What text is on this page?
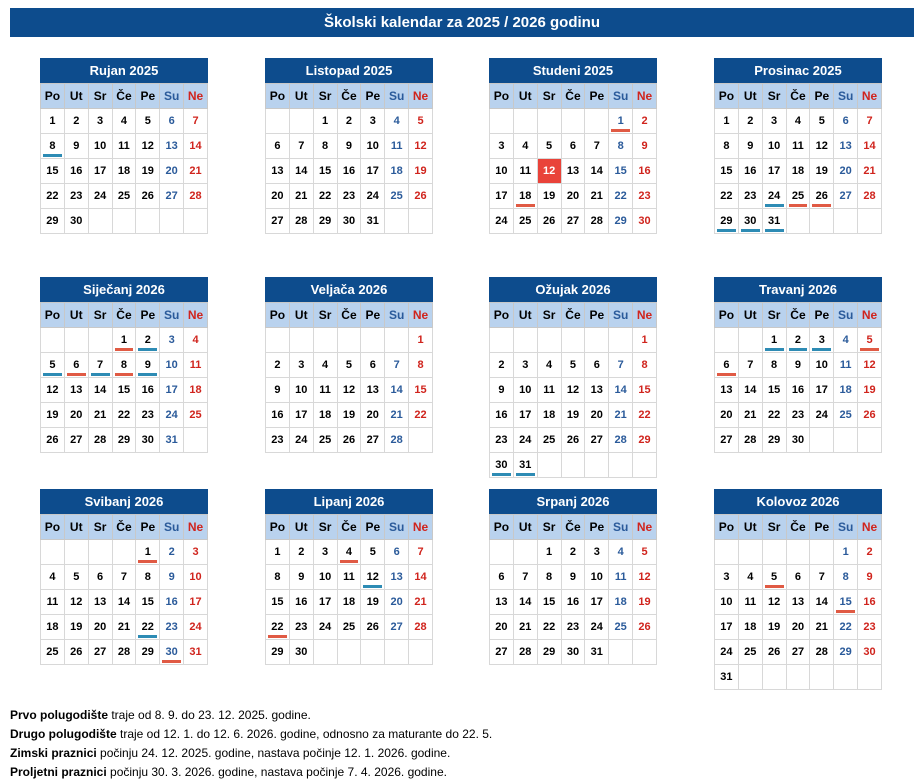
Školski kalendar za 2025 / 2026 godinu
Rujan 2025
Po	Ut	Sr	Če	Pe	Su	Ne
1	2	3	4	5	6	7
8	9	10	11	12	13	14
15	16	17	18	19	20	21
22	23	24	25	26	27	28
29	30					
Listopad 2025
Po	Ut	Sr	Če	Pe	Su	Ne
		1	2	3	4	5
6	7	8	9	10	11	12
13	14	15	16	17	18	19
20	21	22	23	24	25	26
27	28	29	30	31		
Studeni 2025
Po	Ut	Sr	Če	Pe	Su	Ne
					1	2
3	4	5	6	7	8	9
10	11	12	13	14	15	16
17	18	19	20	21	22	23
24	25	26	27	28	29	30
Prosinac 2025
Po	Ut	Sr	Če	Pe	Su	Ne
1	2	3	4	5	6	7
8	9	10	11	12	13	14
15	16	17	18	19	20	21
22	23	24	25	26	27	28
29	30	31				
Siječanj 2026
Po	Ut	Sr	Če	Pe	Su	Ne
			1	2	3	4
5	6	7	8	9	10	11
12	13	14	15	16	17	18
19	20	21	22	23	24	25
26	27	28	29	30	31	
Veljača 2026
Po	Ut	Sr	Če	Pe	Su	Ne
						1
2	3	4	5	6	7	8
9	10	11	12	13	14	15
16	17	18	19	20	21	22
23	24	25	26	27	28	
Ožujak 2026
Po	Ut	Sr	Če	Pe	Su	Ne
						1
2	3	4	5	6	7	8
9	10	11	12	13	14	15
16	17	18	19	20	21	22
23	24	25	26	27	28	29
30	31					
Travanj 2026
Po	Ut	Sr	Če	Pe	Su	Ne
		1	2	3	4	5
6	7	8	9	10	11	12
13	14	15	16	17	18	19
20	21	22	23	24	25	26
27	28	29	30			
Svibanj 2026
Po	Ut	Sr	Če	Pe	Su	Ne
				1	2	3
4	5	6	7	8	9	10
11	12	13	14	15	16	17
18	19	20	21	22	23	24
25	26	27	28	29	30	31
Lipanj 2026
Po	Ut	Sr	Če	Pe	Su	Ne
1	2	3	4	5	6	7
8	9	10	11	12	13	14
15	16	17	18	19	20	21
22	23	24	25	26	27	28
29	30					
Srpanj 2026
Po	Ut	Sr	Če	Pe	Su	Ne
		1	2	3	4	5
6	7	8	9	10	11	12
13	14	15	16	17	18	19
20	21	22	23	24	25	26
27	28	29	30	31		
Kolovoz 2026
Po	Ut	Sr	Če	Pe	Su	Ne
					1	2
3	4	5	6	7	8	9
10	11	12	13	14	15	16
17	18	19	20	21	22	23
24	25	26	27	28	29	30
31						
Prvo polugodište traje od 8. 9. do 23. 12. 2025. godine.
Drugo polugodište traje od 12. 1. do 12. 6. 2026. godine, odnosno za maturante do 22. 5.
Zimski praznici počinju 24. 12. 2025. godine, nastava počinje 12. 1. 2026. godine.
Proljetni praznici počinju 30. 3. 2026. godine, nastava počinje 7. 4. 2026. godine.
